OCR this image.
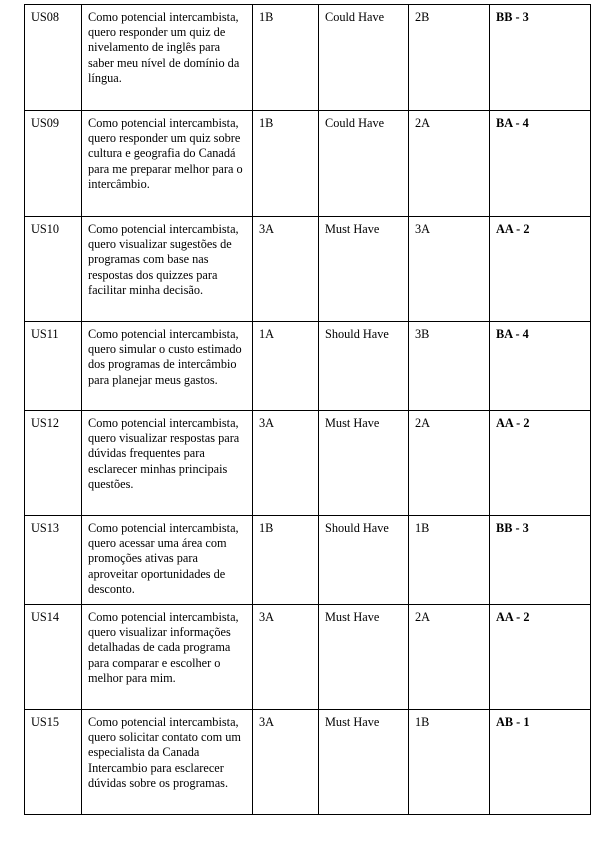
US08	Como potencial intercambista, quero responder um quiz de nivelamento de inglês para saber meu nível de domínio da língua.	1B	Could Have	2B	BB - 3
US09	Como potencial intercambista, quero responder um quiz sobre cultura e geografia do Canadá para me preparar melhor para o intercâmbio.	1B	Could Have	2A	BA - 4
US10	Como potencial intercambista, quero visualizar sugestões de programas com base nas respostas dos quizzes para facilitar minha decisão.	3A	Must Have	3A	AA - 2
US11	Como potencial intercambista, quero simular o custo estimado dos programas de intercâmbio para planejar meus gastos.	1A	Should Have	3B	BA - 4
US12	Como potencial intercambista, quero visualizar respostas para dúvidas frequentes para esclarecer minhas principais questões.	3A	Must Have	2A	AA - 2
US13	Como potencial intercambista, quero acessar uma área com promoções ativas para aproveitar oportunidades de desconto.	1B	Should Have	1B	BB - 3
US14	Como potencial intercambista, quero visualizar informações detalhadas de cada programa para comparar e escolher o melhor para mim.	3A	Must Have	2A	AA - 2
US15	Como potencial intercambista, quero solicitar contato com um especialista da Canada Intercambio para esclarecer dúvidas sobre os programas.	3A	Must Have	1B	AB - 1
